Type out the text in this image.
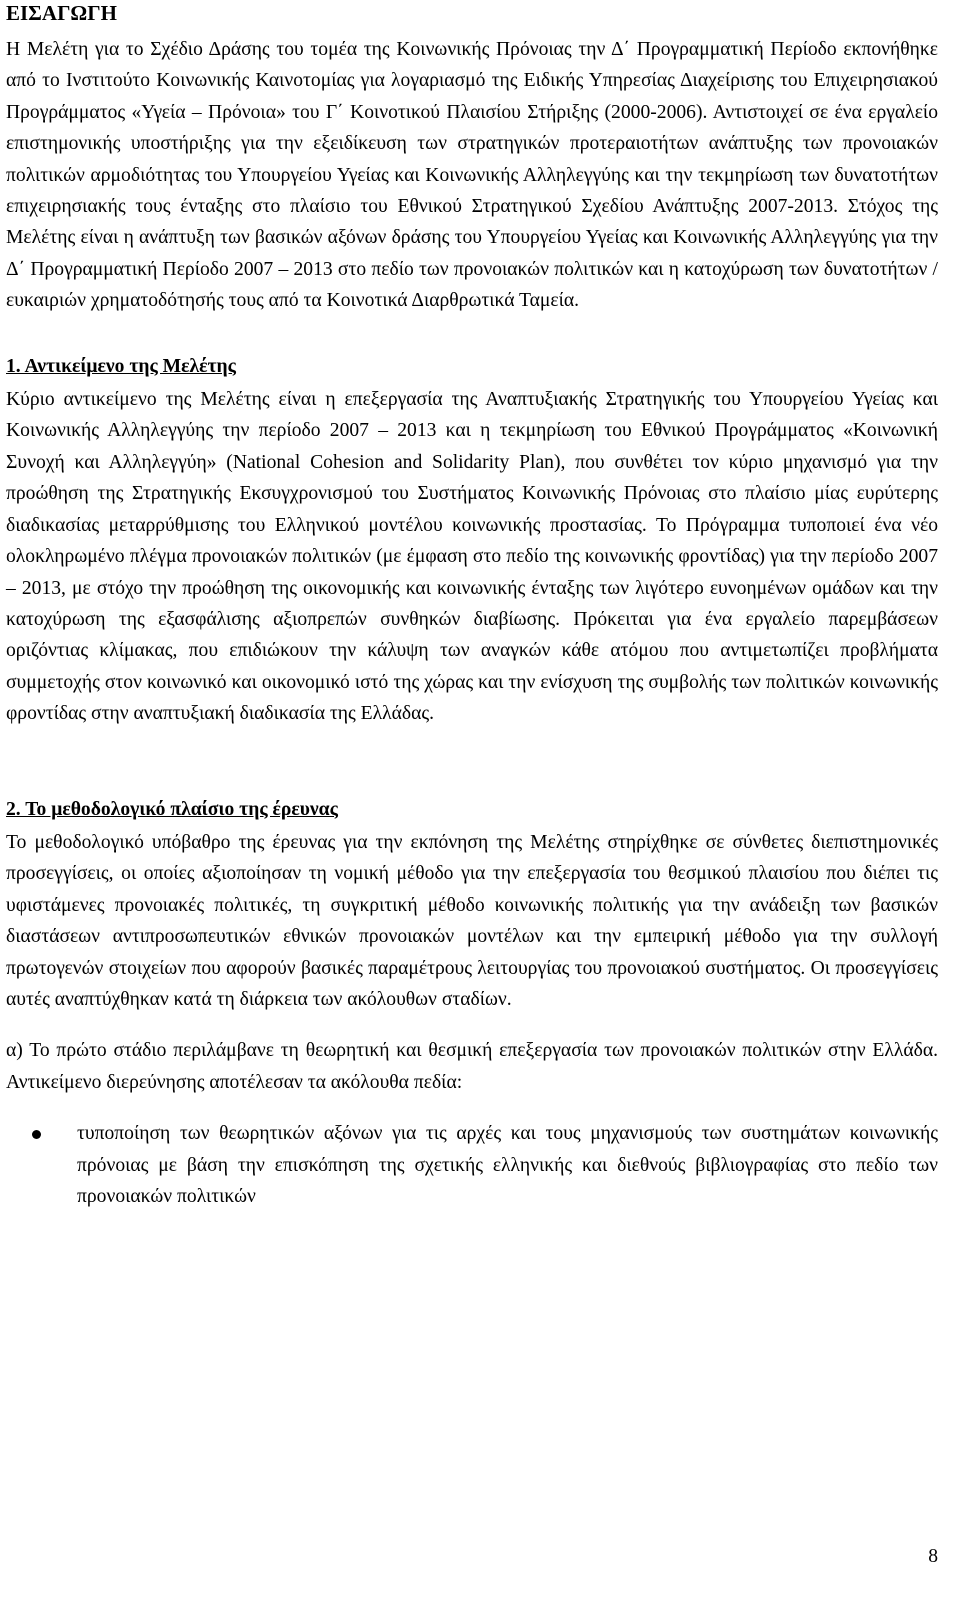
ΕΙΣΑΓΩΓΗ

Η Μελέτη για το Σχέδιο Δράσης του τομέα της Κοινωνικής Πρόνοιας την Δ΄ Προγραμματική Περίοδο εκπονήθηκε από το Ινστιτούτο Κοινωνικής Καινοτομίας για λογαριασμό της Ειδικής Υπηρεσίας Διαχείρισης του Επιχειρησιακού Προγράμματος «Υγεία – Πρόνοια» του Γ΄ Κοινοτικού Πλαισίου Στήριξης (2000-2006). Αντιστοιχεί σε ένα εργαλείο επιστημονικής υποστήριξης για την εξειδίκευση των στρατηγικών προτεραιοτήτων ανάπτυξης των προνοιακών πολιτικών αρμοδιότητας του Υπουργείου Υγείας και Κοινωνικής Αλληλεγγύης και την τεκμηρίωση των δυνατοτήτων επιχειρησιακής τους ένταξης στο πλαίσιο του Εθνικού Στρατηγικού Σχεδίου Ανάπτυξης 2007-2013. Στόχος της Μελέτης είναι η ανάπτυξη των βασικών αξόνων δράσης του Υπουργείου Υγείας και Κοινωνικής Αλληλεγγύης για την Δ΄ Προγραμματική Περίοδο 2007 – 2013 στο πεδίο των προνοιακών πολιτικών και η κατοχύρωση των δυνατοτήτων / ευκαιριών χρηματοδότησής τους από τα Κοινοτικά Διαρθρωτικά Ταμεία.

1. Αντικείμενο της Μελέτης

Κύριο αντικείμενο της Μελέτης είναι η επεξεργασία της Αναπτυξιακής Στρατηγικής του Υπουργείου Υγείας και Κοινωνικής Αλληλεγγύης την περίοδο 2007 – 2013 και η τεκμηρίωση του Εθνικού Προγράμματος «Κοινωνική Συνοχή και Αλληλεγγύη» (National Cohesion and Solidarity Plan), που συνθέτει τον κύριο μηχανισμό για την προώθηση της Στρατηγικής Εκσυγχρονισμού του Συστήματος Κοινωνικής Πρόνοιας στο πλαίσιο μίας ευρύτερης διαδικασίας μεταρρύθμισης του Ελληνικού μοντέλου κοινωνικής προστασίας. Το Πρόγραμμα τυποποιεί ένα νέο ολοκληρωμένο πλέγμα προνοιακών πολιτικών (με έμφαση στο πεδίο της κοινωνικής φροντίδας) για την περίοδο 2007 – 2013, με στόχο την προώθηση της οικονομικής και κοινωνικής ένταξης των λιγότερο ευνοημένων ομάδων και την κατοχύρωση της εξασφάλισης αξιοπρεπών συνθηκών διαβίωσης. Πρόκειται για ένα εργαλείο παρεμβάσεων οριζόντιας κλίμακας, που επιδιώκουν την κάλυψη των αναγκών κάθε ατόμου που αντιμετωπίζει προβλήματα συμμετοχής στον κοινωνικό και οικονομικό ιστό της χώρας και την ενίσχυση της συμβολής των πολιτικών κοινωνικής φροντίδας στην αναπτυξιακή διαδικασία της Ελλάδας.

2. Το μεθοδολογικό πλαίσιο της έρευνας

Το μεθοδολογικό υπόβαθρο της έρευνας για την εκπόνηση της Μελέτης στηρίχθηκε σε σύνθετες διεπιστημονικές προσεγγίσεις, οι οποίες αξιοποίησαν τη νομική μέθοδο για την επεξεργασία του θεσμικού πλαισίου που διέπει τις υφιστάμενες προνοιακές πολιτικές, τη συγκριτική μέθοδο κοινωνικής πολιτικής για την ανάδειξη των βασικών διαστάσεων αντιπροσωπευτικών εθνικών προνοιακών μοντέλων και την εμπειρική μέθοδο για την συλλογή πρωτογενών στοιχείων που αφορούν βασικές παραμέτρους λειτουργίας του προνοιακού συστήματος. Οι προσεγγίσεις αυτές αναπτύχθηκαν κατά τη διάρκεια των ακόλουθων σταδίων.

α) Το πρώτο στάδιο περιλάμβανε τη θεωρητική και θεσμική επεξεργασία των προνοιακών πολιτικών στην Ελλάδα. Αντικείμενο διερεύνησης αποτέλεσαν τα ακόλουθα πεδία:

τυποποίηση των θεωρητικών αξόνων για τις αρχές και τους μηχανισμούς των συστημάτων κοινωνικής πρόνοιας με βάση την επισκόπηση της σχετικής ελληνικής και διεθνούς βιβλιογραφίας στο πεδίο των προνοιακών πολιτικών
8
